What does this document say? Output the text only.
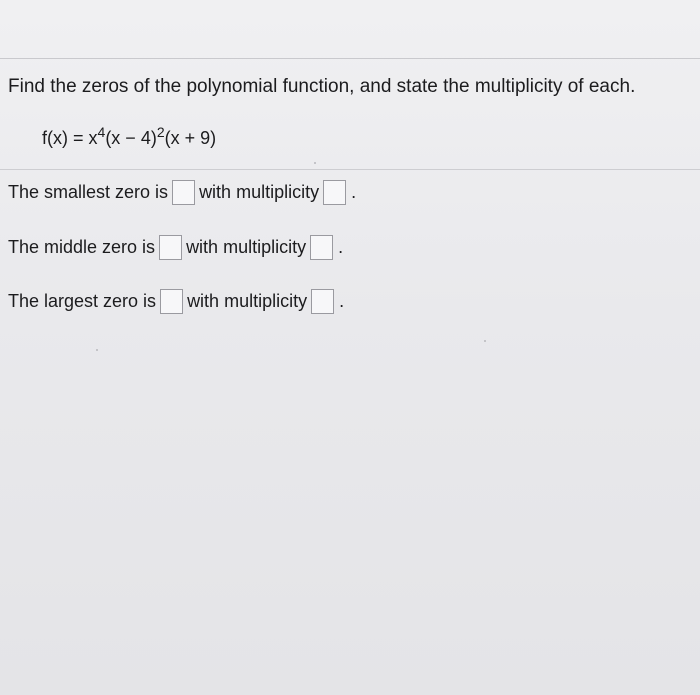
Find the zeros of the polynomial function, and state the multiplicity of each.
$f(x) = x^4(x - 4)^2(x + 9)$
The smallest zero is with multiplicity .
The middle zero is with multiplicity .
The largest zero is with multiplicity .
